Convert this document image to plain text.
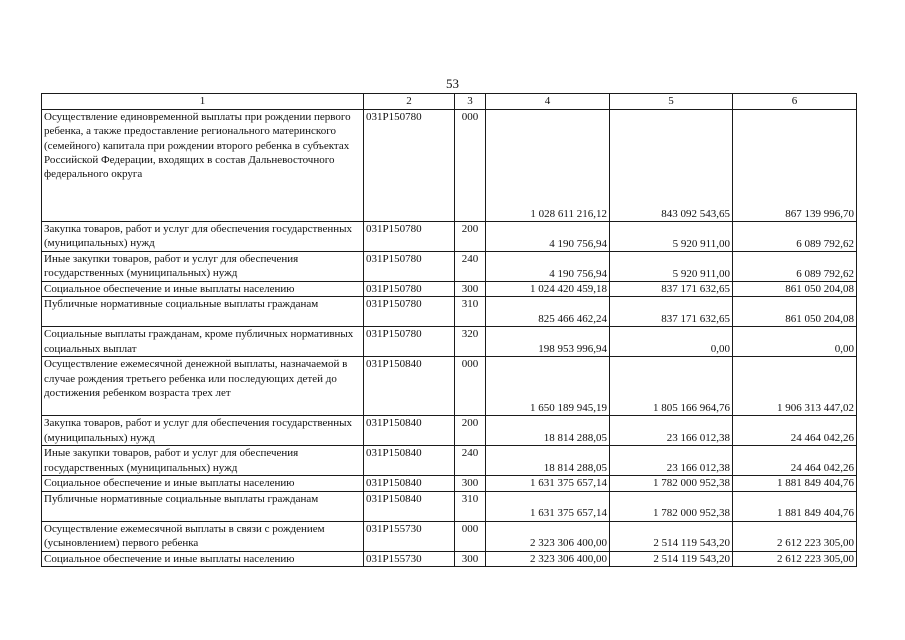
53
1	2	3	4	5	6
Осуществление единовременной выплаты при рождении первого ребенка, а также предоставление регионального материнского (семейного) капитала при рождении второго ребенка в субъектах Российской Федерации, входящих в состав Дальневосточного федерального округа	031P150780	000	1 028 611 216,12	843 092 543,65	867 139 996,70
Закупка товаров, работ и услуг для обеспечения государственных (муниципальных) нужд	031P150780	200	4 190 756,94	5 920 911,00	6 089 792,62
Иные закупки товаров, работ и услуг для обеспечения государственных (муниципальных) нужд	031P150780	240	4 190 756,94	5 920 911,00	6 089 792,62
Социальное обеспечение и иные выплаты населению	031P150780	300	1 024 420 459,18	837 171 632,65	861 050 204,08
Публичные нормативные социальные выплаты гражданам	031P150780	310	825 466 462,24	837 171 632,65	861 050 204,08
Социальные выплаты гражданам, кроме публичных нормативных социальных выплат	031P150780	320	198 953 996,94	0,00	0,00
Осуществление ежемесячной денежной выплаты, назначаемой в случае рождения третьего ребенка или последующих детей до достижения ребенком возраста трех лет	031P150840	000	1 650 189 945,19	1 805 166 964,76	1 906 313 447,02
Закупка товаров, работ и услуг для обеспечения государственных (муниципальных) нужд	031P150840	200	18 814 288,05	23 166 012,38	24 464 042,26
Иные закупки товаров, работ и услуг для обеспечения государственных (муниципальных) нужд	031P150840	240	18 814 288,05	23 166 012,38	24 464 042,26
Социальное обеспечение и иные выплаты населению	031P150840	300	1 631 375 657,14	1 782 000 952,38	1 881 849 404,76
Публичные нормативные социальные выплаты гражданам	031P150840	310	1 631 375 657,14	1 782 000 952,38	1 881 849 404,76
Осуществление ежемесячной выплаты в связи с рождением (усыновлением) первого ребенка	031P155730	000	2 323 306 400,00	2 514 119 543,20	2 612 223 305,00
Социальное обеспечение и иные выплаты населению	031P155730	300	2 323 306 400,00	2 514 119 543,20	2 612 223 305,00
